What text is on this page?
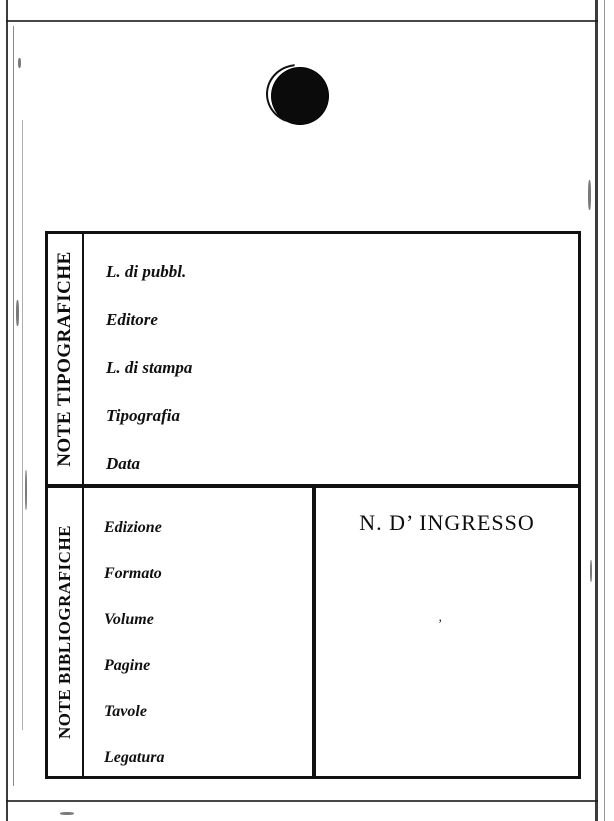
NOTE TIPOGRAFICHE L. di pubbl.
Editore
L. di stampa
Tipografia
Data
NOTE BIBLIOGRAFICHE Edizione
Formato
Volume
Pagine
Tavole
Legatura
N. D’ INGRESSO
’
